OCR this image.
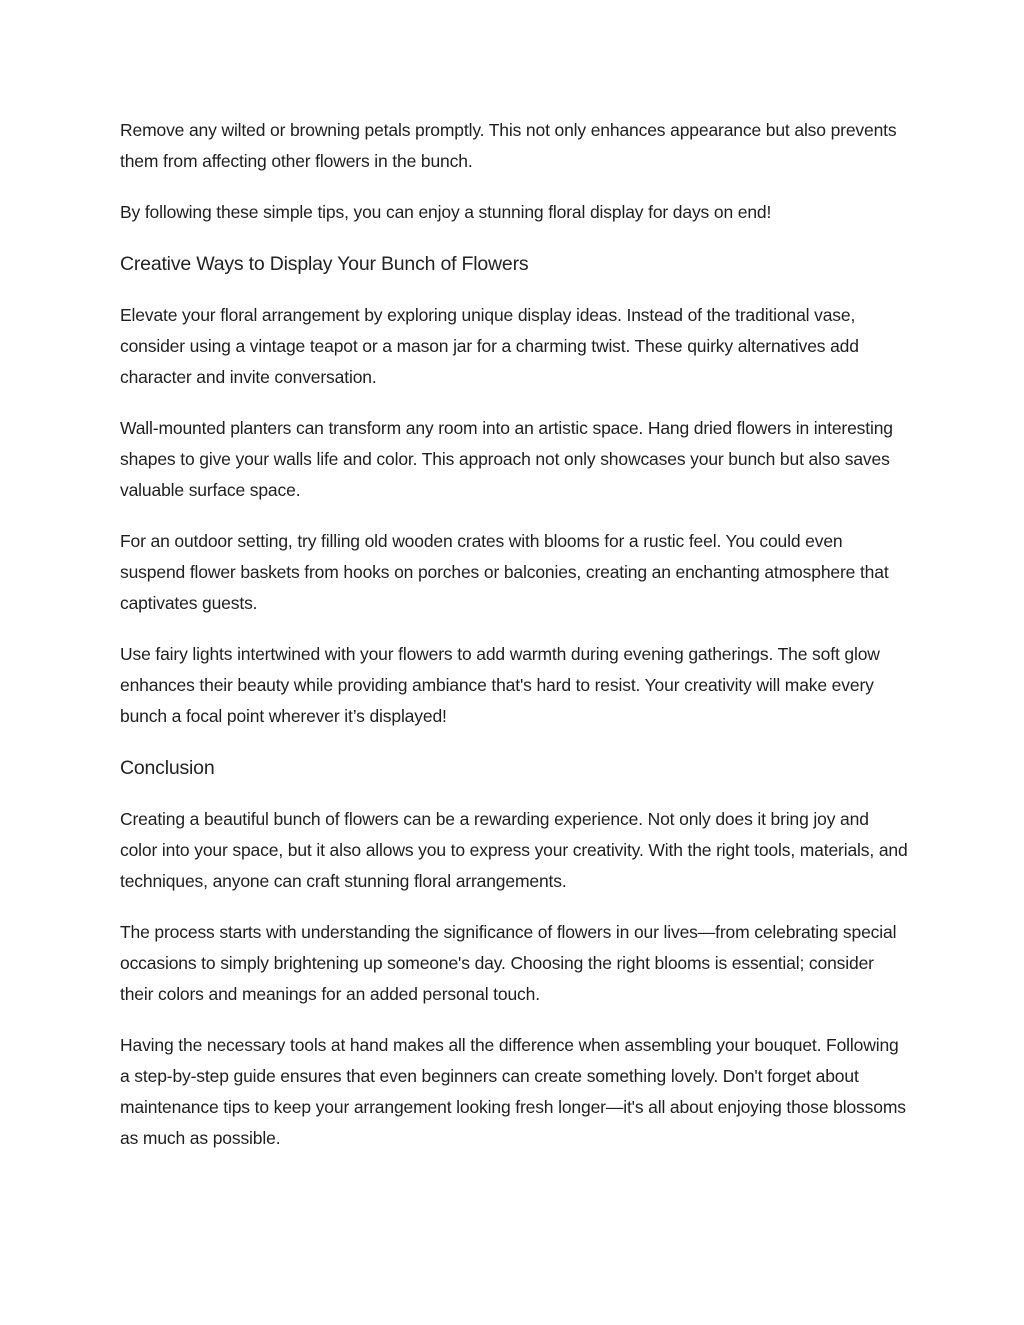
Remove any wilted or browning petals promptly. This not only enhances appearance but also prevents them from affecting other flowers in the bunch.

By following these simple tips, you can enjoy a stunning floral display for days on end!

Creative Ways to Display Your Bunch of Flowers

Elevate your floral arrangement by exploring unique display ideas. Instead of the traditional vase, consider using a vintage teapot or a mason jar for a charming twist. These quirky alternatives add character and invite conversation.

Wall-mounted planters can transform any room into an artistic space. Hang dried flowers in interesting shapes to give your walls life and color. This approach not only showcases your bunch but also saves valuable surface space.

For an outdoor setting, try filling old wooden crates with blooms for a rustic feel. You could even suspend flower baskets from hooks on porches or balconies, creating an enchanting atmosphere that captivates guests.

Use fairy lights intertwined with your flowers to add warmth during evening gatherings. The soft glow enhances their beauty while providing ambiance that's hard to resist. Your creativity will make every bunch a focal point wherever it’s displayed!

Conclusion

Creating a beautiful bunch of flowers can be a rewarding experience. Not only does it bring joy and color into your space, but it also allows you to express your creativity. With the right tools, materials, and techniques, anyone can craft stunning floral arrangements.

The process starts with understanding the significance of flowers in our lives—from celebrating special occasions to simply brightening up someone's day. Choosing the right blooms is essential; consider their colors and meanings for an added personal touch.

Having the necessary tools at hand makes all the difference when assembling your bouquet. Following a step-by-step guide ensures that even beginners can create something lovely. Don't forget about maintenance tips to keep your arrangement looking fresh longer—it's all about enjoying those blossoms as much as possible.
